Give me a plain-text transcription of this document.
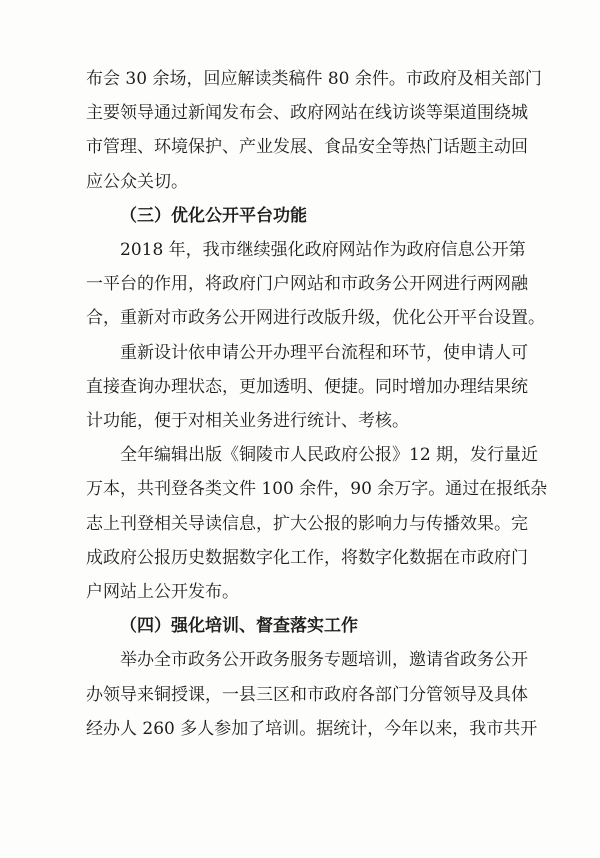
布会 30 余场，回应解读类稿件 80 余件。市政府及相关部门
主要领导通过新闻发布会、政府网站在线访谈等渠道围绕城
市管理、环境保护、产业发展、食品安全等热门话题主动回
应公众关切。
（三）优化公开平台功能
2018 年，我市继续强化政府网站作为政府信息公开第
一平台的作用，将政府门户网站和市政务公开网进行两网融
合，重新对市政务公开网进行改版升级，优化公开平台设置。
重新设计依申请公开办理平台流程和环节，使申请人可
直接查询办理状态，更加透明、便捷。同时增加办理结果统
计功能，便于对相关业务进行统计、考核。
全年编辑出版《铜陵市人民政府公报》12 期，发行量近
万本，共刊登各类文件 100 余件，90 余万字。通过在报纸杂
志上刊登相关导读信息，扩大公报的影响力与传播效果。完
成政府公报历史数据数字化工作，将数字化数据在市政府门
户网站上公开发布。
（四）强化培训、督查落实工作
举办全市政务公开政务服务专题培训，邀请省政务公开
办领导来铜授课，一县三区和市政府各部门分管领导及具体
经办人 260 多人参加了培训。据统计，今年以来，我市共开
